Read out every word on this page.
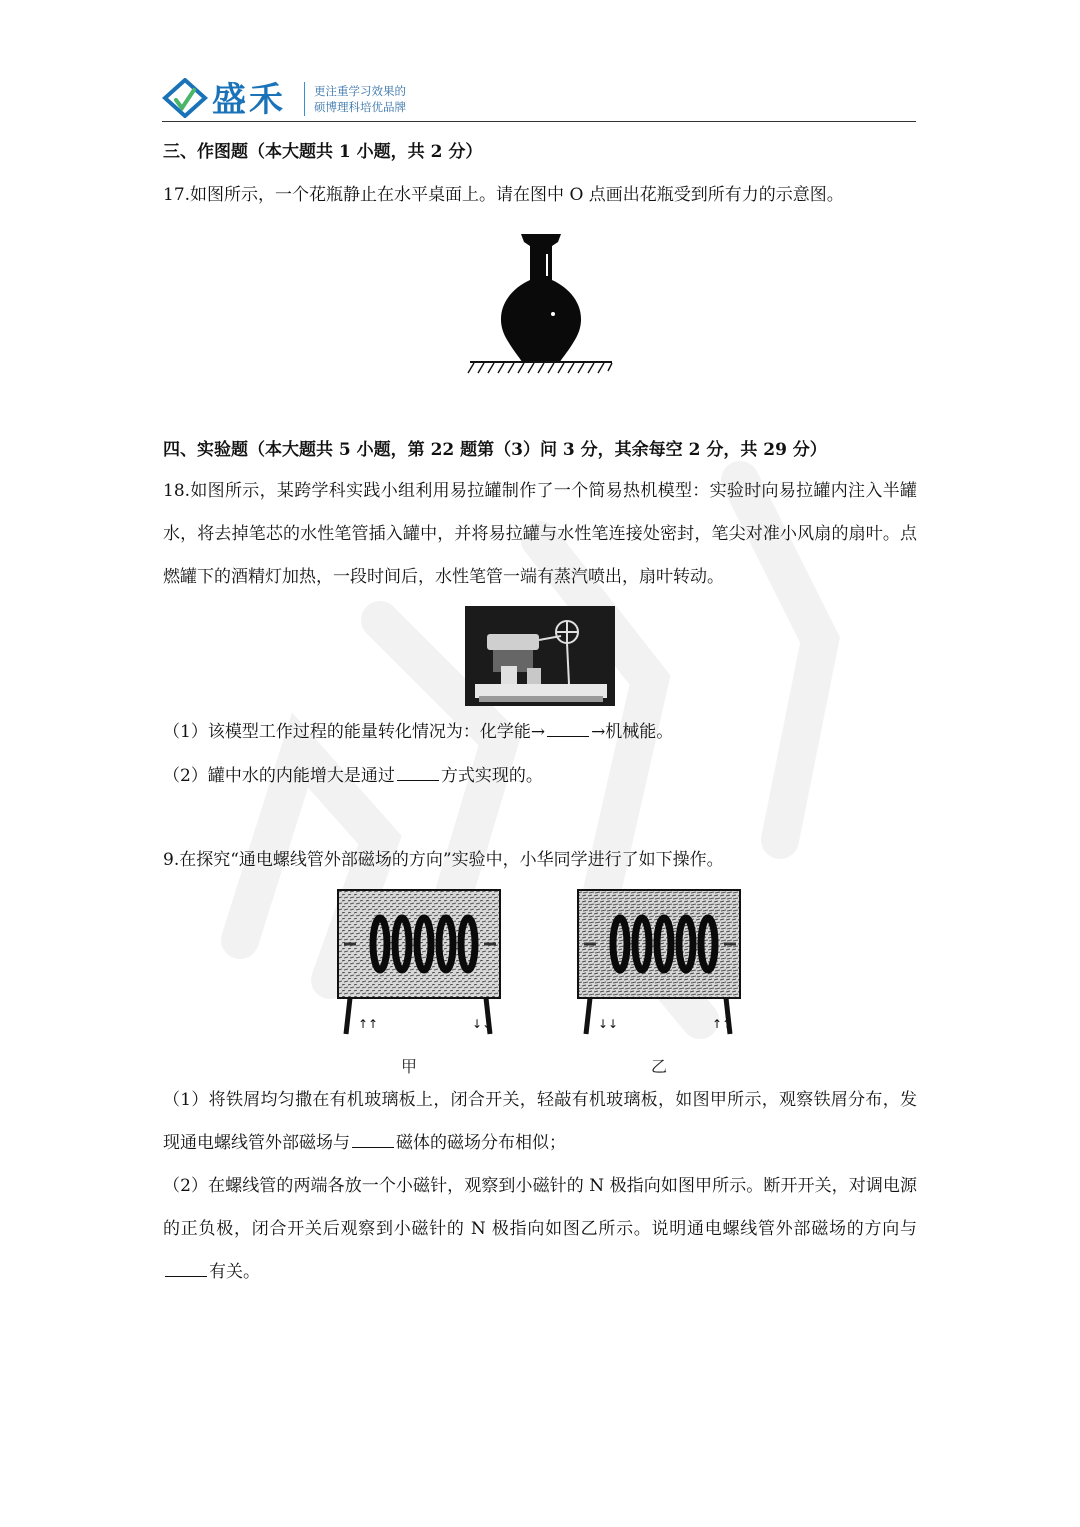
盛禾 更注重学习效果的
硕博理科培优品牌
三、作图题（本大题共 1 小题，共 2 分）
17.如图所示，一个花瓶静止在水平桌面上。请在图中 O 点画出花瓶受到所有力的示意图。
四、实验题（本大题共 5 小题，第 22 题第（3）问 3 分，其余每空 2 分，共 29 分）
18.如图所示，某跨学科实践小组利用易拉罐制作了一个简易热机模型：实验时向易拉罐内注入半罐水，将去掉笔芯的水性笔管插入罐中，并将易拉罐与水性笔连接处密封，笔尖对准小风扇的扇叶。点燃罐下的酒精灯加热，一段时间后，水性笔管一端有蒸汽喷出，扇叶转动。
（1）该模型工作过程的能量转化情况为：化学能→	→机械能。
（2）罐中水的内能增大是通过	方式实现的。
9.在探究“通电螺线管外部磁场的方向”实验中，小华同学进行了如下操作。
↑↑	↓↓	↓↓	↑↑
甲	乙
（1）将铁屑均匀撒在有机玻璃板上，闭合开关，轻敲有机玻璃板，如图甲所示，观察铁屑分布，发现通电螺线管外部磁场与	磁体的磁场分布相似；
（2）在螺线管的两端各放一个小磁针，观察到小磁针的 N 极指向如图甲所示。断开开关，对调电源的正负极，闭合开关后观察到小磁针的 N 极指向如图乙所示。说明通电螺线管外部磁场的方向与有关。
